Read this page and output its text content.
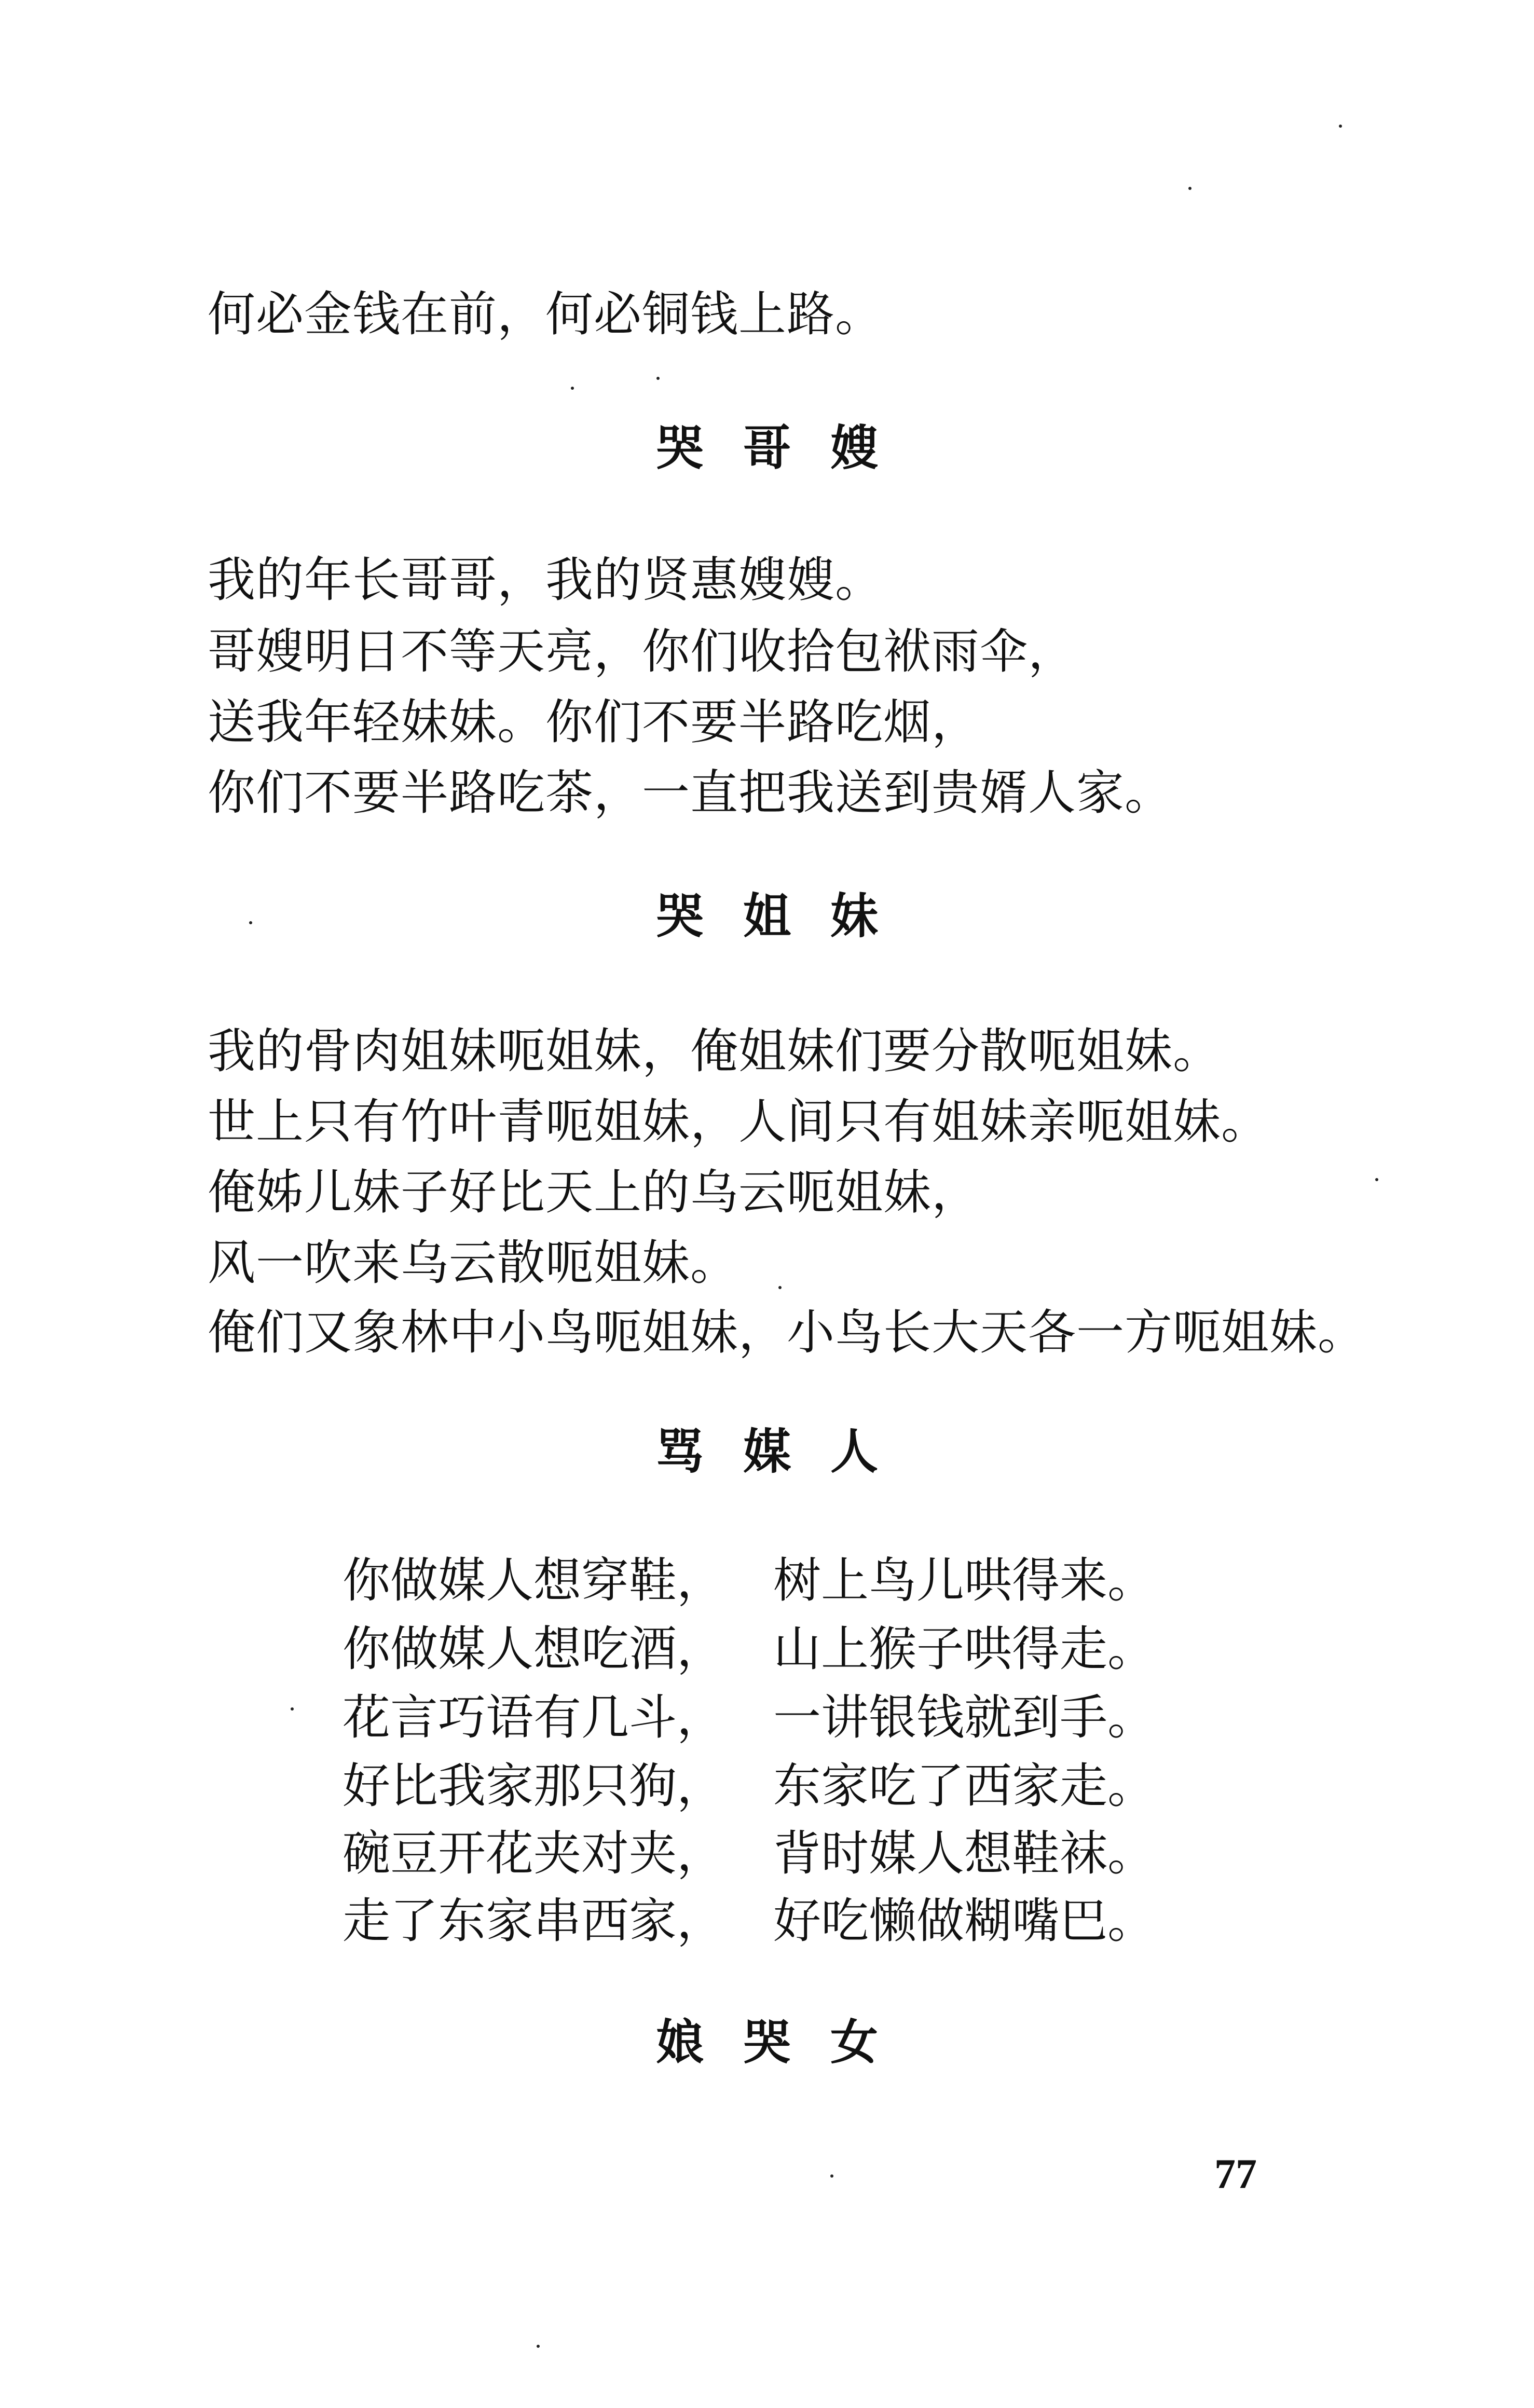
何必金钱在前，何必铜钱上路。
哭哥嫂
我的年长哥哥，我的贤惠嫂嫂。
哥嫂明日不等天亮，你们收拾包袱雨伞，
送我年轻妹妹。你们不要半路吃烟，
你们不要半路吃茶，一直把我送到贵婿人家。
哭姐妹
我的骨肉姐妹呃姐妹，俺姐妹们要分散呃姐妹。
世上只有竹叶青呃姐妹，人间只有姐妹亲呃姐妹。
俺姊儿妹子好比天上的乌云呃姐妹，
风一吹来乌云散呃姐妹。
俺们又象林中小鸟呃姐妹，小鸟长大天各一方呃姐妹。
骂媒人
你做媒人想穿鞋， 树上鸟儿哄得来。
你做媒人想吃酒， 山上猴子哄得走。
花言巧语有几斗， 一讲银钱就到手。
好比我家那只狗， 东家吃了西家走。
碗豆开花夹对夹， 背时媒人想鞋袜。
走了东家串西家， 好吃懒做糊嘴巴。
娘哭女
77
